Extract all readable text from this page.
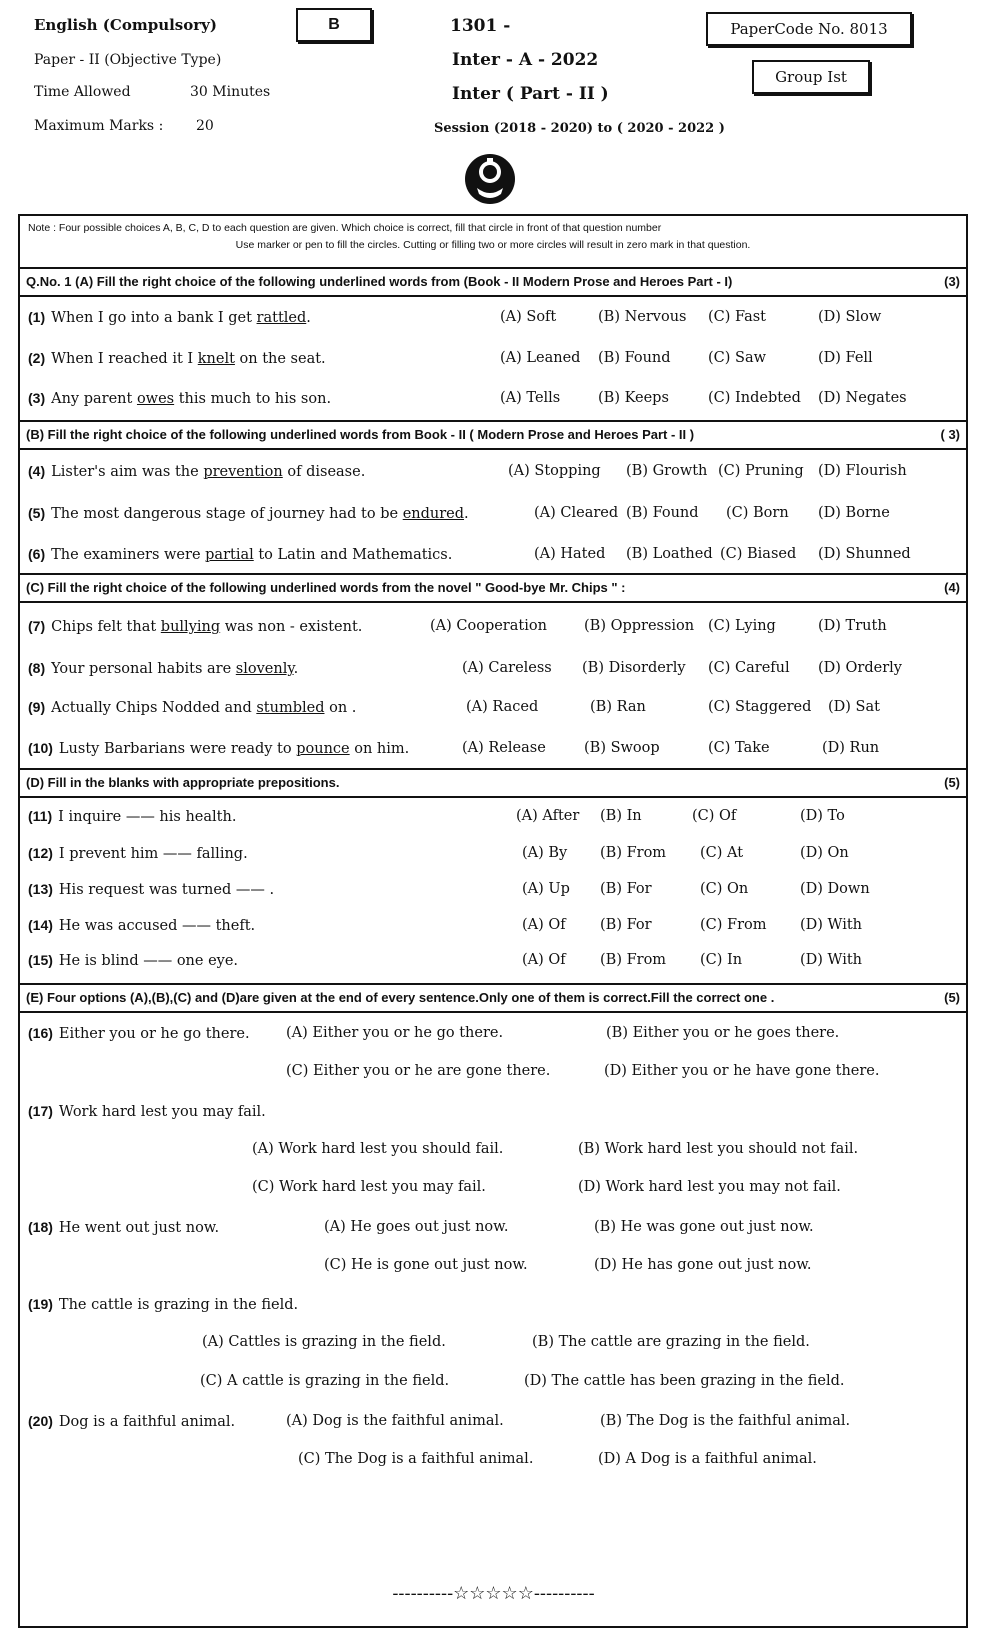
English (Compulsory)
Paper - II (Objective Type)
Time Allowed	30 Minutes
Maximum Marks : 20
B	1301 -
Inter - A - 2022
Inter ( Part - II )
Session (2018 - 2020) to ( 2020 - 2022 )
PaperCode No. 8013
Group Ist
Note : Four possible choices A, B, C, D to each question are given. Which choice is correct, fill that circle in front of that question number
Use marker or pen to fill the circles. Cutting or filling two or more circles will result in zero mark in that question.
Q.No. 1 (A) Fill the right choice of the following underlined words from (Book - II Modern Prose and Heroes Part - I)	(3)
(B) Fill the right choice of the following underlined words from Book - II ( Modern Prose and Heroes Part - II )	( 3)
(C) Fill the right choice of the following underlined words from the novel " Good-bye Mr. Chips " :	(4)
(D) Fill in the blanks with appropriate prepositions.	(5)
(E) Four options (A),(B),(C) and (D)are given at the end of every sentence.Only one of them is correct.Fill the correct one .	(5)
(1) When I go into a bank I get rattled.	(A) Soft	(B) Nervous (C) Fast	(D) Slow
(2) When I reached it I knelt on the seat.	(A) Leaned (B) Found	(C) Saw	(D) Fell
(3) Any parent owes this much to his son.	(A) Tells	(B) Keeps	(C) Indebted (D) Negates
(4) Lister's aim was the prevention of disease.	(A) Stopping (B) Growth (C) Pruning (D) Flourish
(5) The most dangerous stage of journey had to be endured.	(A) Cleared (B) Found (C) Born (D) Borne
(6) The examiners were partial to Latin and Mathematics.	(A) Hated (B) Loathed (C) Biased (D) Shunned
(7) Chips felt that bullying was non - existent.	(A) Cooperation	(B) Oppression (C) Lying	(D) Truth
(8) Your personal habits are slovenly.	(A) Careless (B) Disorderly (C) Careful (D) Orderly
(9) Actually Chips Nodded and stumbled on .	(A) Raced	(B) Ran	(C) Staggered (D) Sat
(10) Lusty Barbarians were ready to pounce on him.	(A) Release	(B) Swoop	(C) Take	(D) Run
(11) I inquire —— his health.	(A) After (B) In	(C) Of	(D) To
(12) I prevent him —— falling.	(A) By (B) From (C) At	(D) On
(13) His request was turned —— .	(A) Up (B) For	(C) On	(D) Down
(14) He was accused —— theft.	(A) Of (B) For	(C) From (D) With
(15) He is blind —— one eye.	(A) Of (B) From (C) In	(D) With
(16) Either you or he go there.	(A) Either you or he go there.	(B) Either you or he goes there.
(C) Either you or he are gone there.	(D) Either you or he have gone there.
(17) Work hard lest you may fail.
(A) Work hard lest you should fail.	(B) Work hard lest you should not fail.
(C) Work hard lest you may fail.	(D) Work hard lest you may not fail.
(18) He went out just now.	(A) He goes out just now.	(B) He was gone out just now.
(C) He is gone out just now.	(D) He has gone out just now.
(19) The cattle is grazing in the field.
(A) Cattles is grazing in the field.	(B) The cattle are grazing in the field.
(C) A cattle is grazing in the field.	(D) The cattle has been grazing in the field.
(20) Dog is a faithful animal.	(A) Dog is the faithful animal.	(B) The Dog is the faithful animal.
(C) The Dog is a faithful animal.	(D) A Dog is a faithful animal.
----------☆☆☆☆☆----------
